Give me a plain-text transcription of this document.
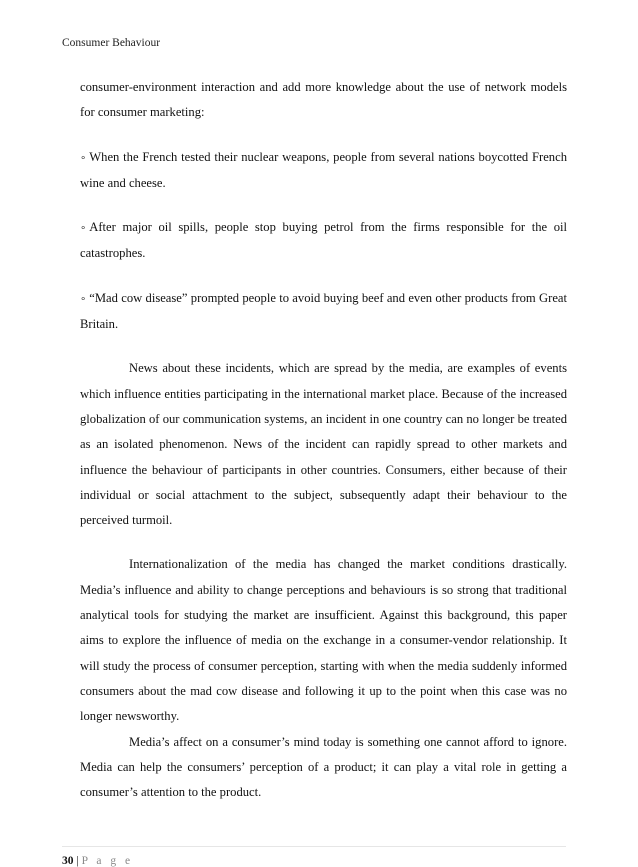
Consumer Behaviour

consumer-environment interaction and add more knowledge about the use of network models for consumer marketing:

∘ When the French tested their nuclear weapons, people from several nations boycotted French wine and cheese.

∘ After major oil spills, people stop buying petrol from the firms responsible for the oil catastrophes.

∘ “Mad cow disease” prompted people to avoid buying beef and even other products from Great Britain.

News about these incidents, which are spread by the media, are examples of events which influence entities participating in the international market place. Because of the increased globalization of our communication systems, an incident in one country can no longer be treated as an isolated phenomenon. News of the incident can rapidly spread to other markets and influence the behaviour of participants in other countries. Consumers, either because of their individual or social attachment to the subject, subsequently adapt their behaviour to the perceived turmoil.

Internationalization of the media has changed the market conditions drastically. Media’s influence and ability to change perceptions and behaviours is so strong that traditional analytical tools for studying the market are insufficient. Against this background, this paper aims to explore the influence of media on the exchange in a consumer-vendor relationship. It will study the process of consumer perception, starting with when the media suddenly informed consumers about the mad cow disease and following it up to the point when this case was no longer newsworthy.

Media’s affect on a consumer’s mind today is something one cannot afford to ignore. Media can help the consumers’ perception of a product; it can play a vital role in getting a consumer’s attention to the product.

30 | P a g e
